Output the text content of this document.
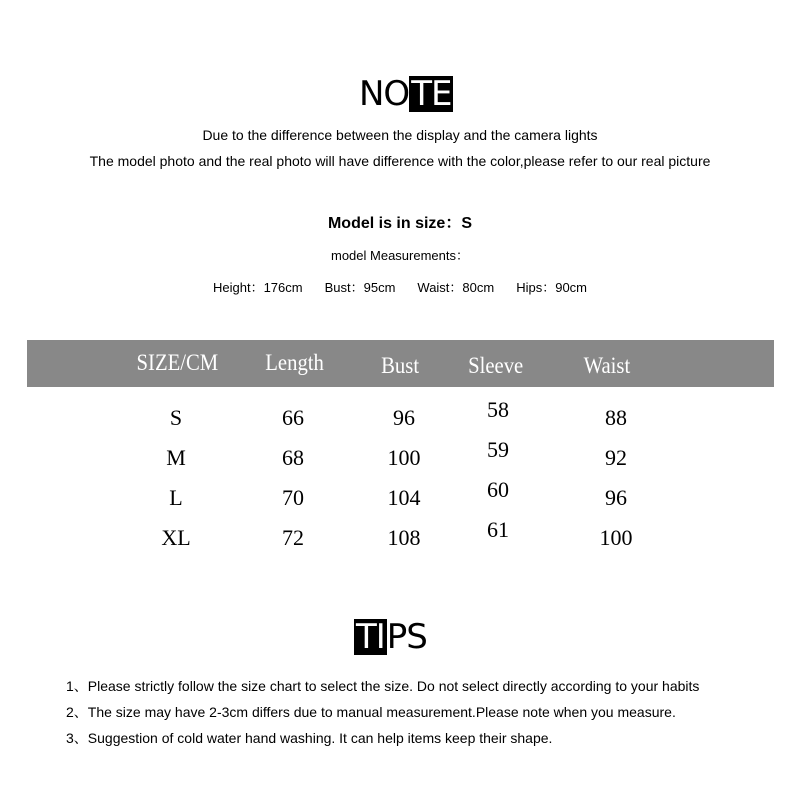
NO TE
Due to the difference between the display and the camera lights
The model photo and the real photo will have difference with the color,please refer to our real picture
Model is in size：S
model Measurements：
Height：176cm Bust：95cm Waist：80cm Hips：90cm
SIZE/CM Length Bust Sleeve	Waist
S	66	96	58	88
M	68	100	59	92
L	70	104	60	96
XL	72	108	61	100
TI PS
1、Please strictly follow the size chart to select the size. Do not select directly according to your habits
2、The size may have 2-3cm differs due to manual measurement.Please note when you measure.
3、Suggestion of cold water hand washing. It can help items keep their shape.
